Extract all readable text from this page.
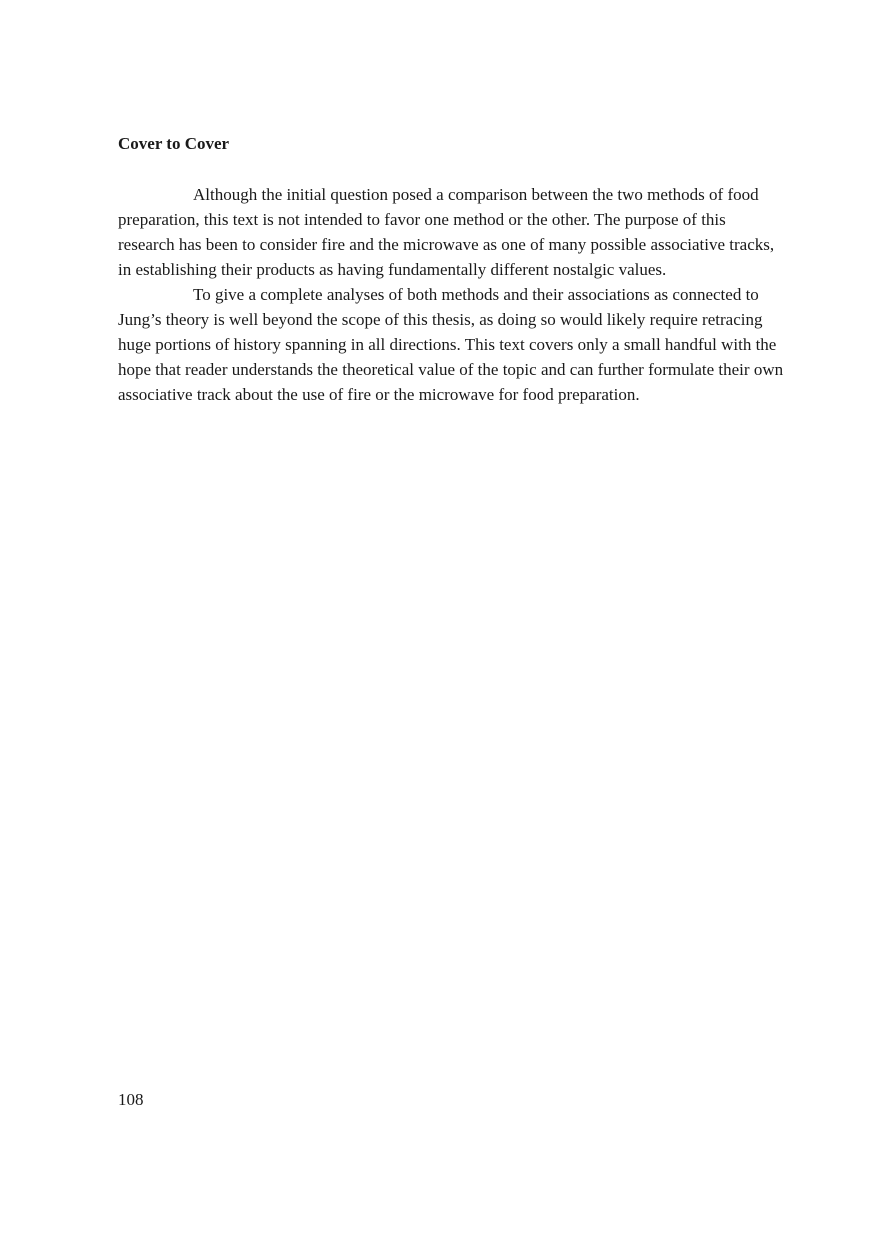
Cover to Cover

Although the initial question posed a comparison between the two methods of food preparation, this text is not intended to favor one method or the other. The purpose of this research has been to consider fire and the microwave as one of many possible associative tracks, in establishing their products as having fundamentally different nostalgic values.

To give a complete analyses of both methods and their associations as connected to Jung’s theory is well beyond the scope of this thesis, as doing so would likely require retracing huge portions of history spanning in all directions. This text covers only a small handful with the hope that reader understands the theoretical value of the topic and can further formulate their own associative track about the use of fire or the microwave for food preparation.

108
